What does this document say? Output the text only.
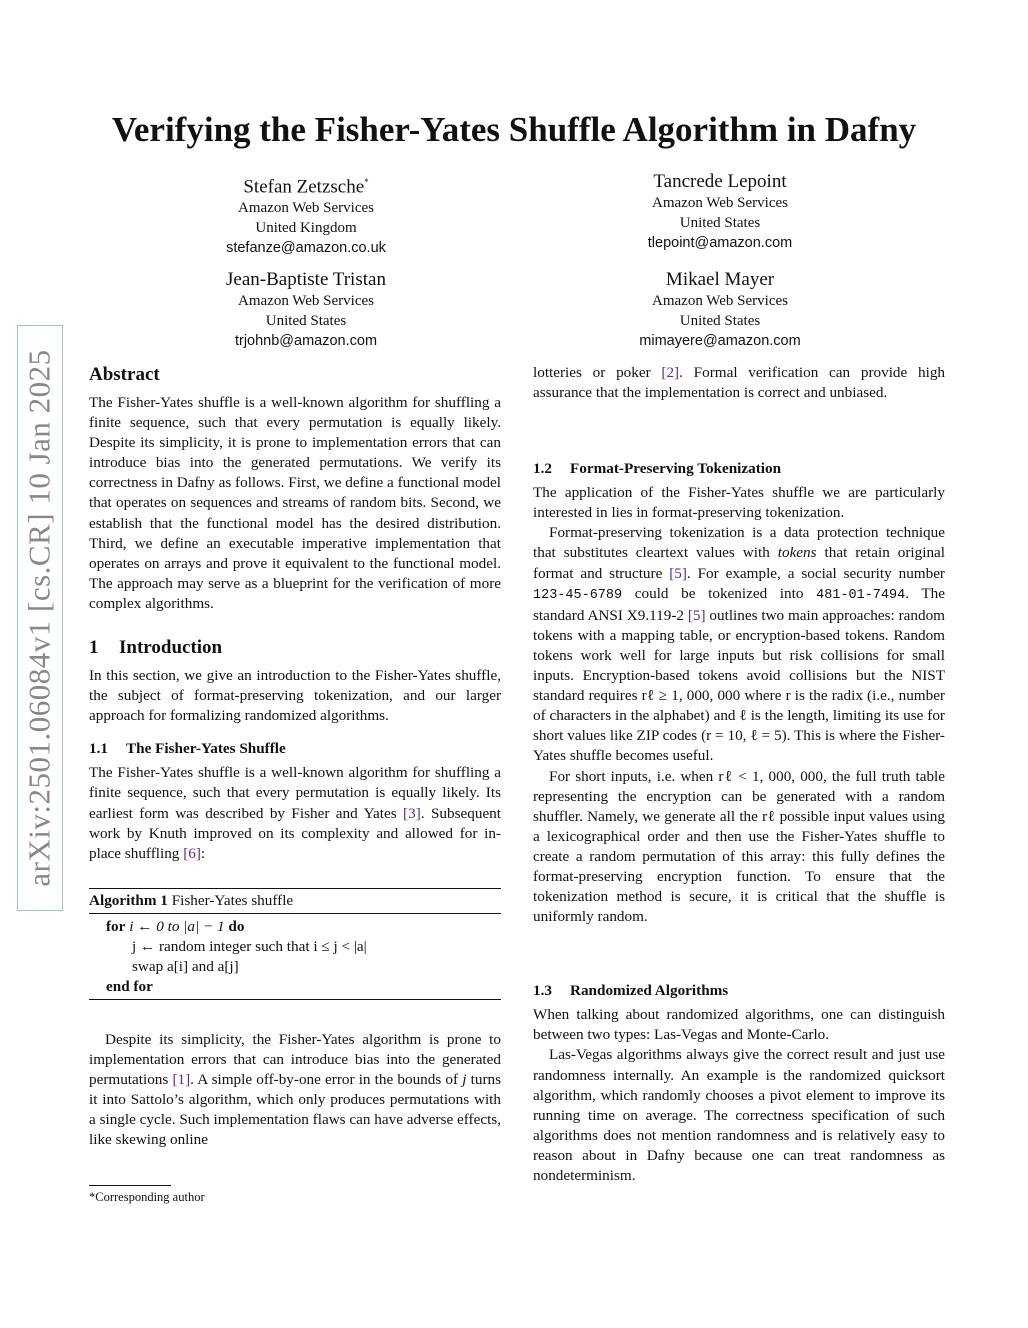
arXiv:2501.06084v1 [cs.CR] 10 Jan 2025
Verifying the Fisher-Yates Shuffle Algorithm in Dafny
Stefan Zetzsche*
Amazon Web Services
United Kingdom
stefanze@amazon.co.uk
Tancrede Lepoint
Amazon Web Services
United States
tlepoint@amazon.com
Jean-Baptiste Tristan
Amazon Web Services
United States
trjohnb@amazon.com
Mikael Mayer
Amazon Web Services
United States
mimayere@amazon.com
Abstract

The Fisher-Yates shuffle is a well-known algorithm for shuffling a finite sequence, such that every permutation is equally likely. Despite its simplicity, it is prone to implementation errors that can introduce bias into the generated permutations. We verify its correctness in Dafny as follows. First, we define a functional model that operates on sequences and streams of random bits. Second, we establish that the functional model has the desired distribution. Third, we define an executable imperative implementation that operates on arrays and prove it equivalent to the functional model. The approach may serve as a blueprint for the verification of more complex algorithms.

1 Introduction

In this section, we give an introduction to the Fisher-Yates shuffle, the subject of format-preserving tokenization, and our larger approach for formalizing randomized algorithms.

1.1 The Fisher-Yates Shuffle

The Fisher-Yates shuffle is a well-known algorithm for shuffling a finite sequence, such that every permutation is equally likely. Its earliest form was described by Fisher and Yates [3]. Subsequent work by Knuth improved on its complexity and allowed for in-place shuffling [6]:

Algorithm 1 Fisher-Yates shuffle
for i ← 0 to |a| − 1 do
j ← random integer such that i ≤ j < |a|
swap a[i] and a[j]
end for

Despite its simplicity, the Fisher-Yates algorithm is prone to implementation errors that can introduce bias into the generated permutations [1]. A simple off-by-one error in the bounds of j turns it into Sattolo’s algorithm, which only produces permutations with a single cycle. Such implementation flaws can have adverse effects, like skewing online

*Corresponding author

lotteries or poker [2]. Formal verification can provide high assurance that the implementation is correct and unbiased.

1.2 Format-Preserving Tokenization

The application of the Fisher-Yates shuffle we are particularly interested in lies in format-preserving tokenization.

Format-preserving tokenization is a data protection technique that substitutes cleartext values with tokens that retain original format and structure [5]. For example, a social security number 123-45-6789 could be tokenized into 481-01-7494. The standard ANSI X9.119-2 [5] outlines two main approaches: random tokens with a mapping table, or encryption-based tokens. Random tokens work well for large inputs but risk collisions for small inputs. Encryption-based tokens avoid collisions but the NIST standard requires rℓ ≥ 1, 000, 000 where r is the radix (i.e., number of characters in the alphabet) and ℓ is the length, limiting its use for short values like ZIP codes (r = 10, ℓ = 5). This is where the Fisher-Yates shuffle becomes useful.

For short inputs, i.e. when rℓ < 1, 000, 000, the full truth table representing the encryption can be generated with a random shuffler. Namely, we generate all the rℓ possible input values using a lexicographical order and then use the Fisher-Yates shuffle to create a random permutation of this array: this fully defines the format-preserving encryption function. To ensure that the tokenization method is secure, it is critical that the shuffle is uniformly random.

1.3 Randomized Algorithms

When talking about randomized algorithms, one can distinguish between two types: Las-Vegas and Monte-Carlo.

Las-Vegas algorithms always give the correct result and just use randomness internally. An example is the randomized quicksort algorithm, which randomly chooses a pivot element to improve its running time on average. The correctness specification of such algorithms does not mention randomness and is relatively easy to reason about in Dafny because one can treat randomness as nondeterminism.
